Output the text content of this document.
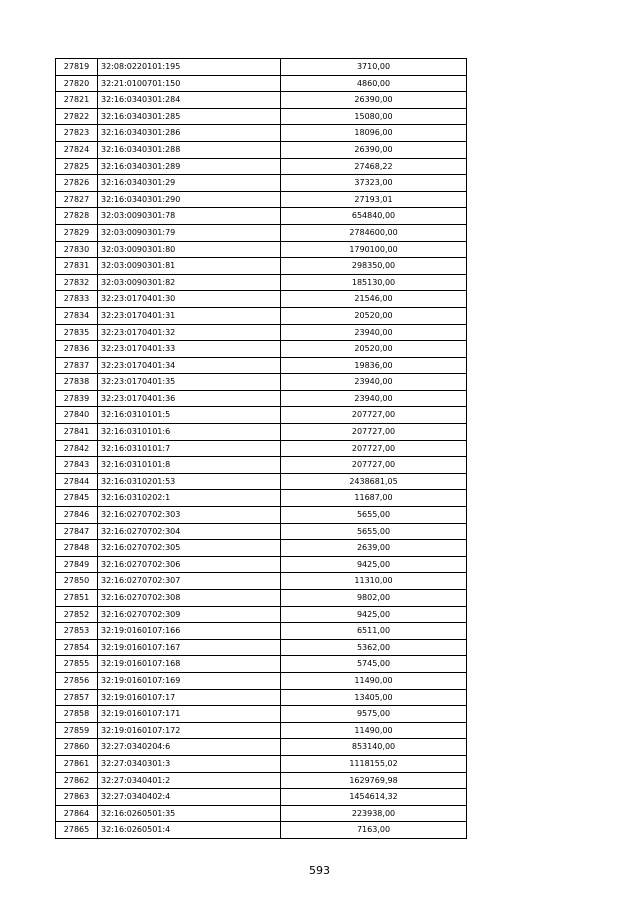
27819	32:08:0220101:195	3710,00
27820	32:21:0100701:150	4860,00
27821	32:16:0340301:284	26390,00
27822	32:16:0340301:285	15080,00
27823	32:16:0340301:286	18096,00
27824	32:16:0340301:288	26390,00
27825	32:16:0340301:289	27468,22
27826	32:16:0340301:29	37323,00
27827	32:16:0340301:290	27193,01
27828	32:03:0090301:78	654840,00
27829	32:03:0090301:79	2784600,00
27830	32:03:0090301:80	1790100,00
27831	32:03:0090301:81	298350,00
27832	32:03:0090301:82	185130,00
27833	32:23:0170401:30	21546,00
27834	32:23:0170401:31	20520,00
27835	32:23:0170401:32	23940,00
27836	32:23:0170401:33	20520,00
27837	32:23:0170401:34	19836,00
27838	32:23:0170401:35	23940,00
27839	32:23:0170401:36	23940,00
27840	32:16:0310101:5	207727,00
27841	32:16:0310101:6	207727,00
27842	32:16:0310101:7	207727,00
27843	32:16:0310101:8	207727,00
27844	32:16:0310201:53	2438681,05
27845	32:16:0310202:1	11687,00
27846	32:16:0270702:303	5655,00
27847	32:16:0270702:304	5655,00
27848	32:16:0270702:305	2639,00
27849	32:16:0270702:306	9425,00
27850	32:16:0270702:307	11310,00
27851	32:16:0270702:308	9802,00
27852	32:16:0270702:309	9425,00
27853	32:19:0160107:166	6511,00
27854	32:19:0160107:167	5362,00
27855	32:19:0160107:168	5745,00
27856	32:19:0160107:169	11490,00
27857	32:19:0160107:17	13405,00
27858	32:19:0160107:171	9575,00
27859	32:19:0160107:172	11490,00
27860	32:27:0340204:6	853140,00
27861	32:27:0340301:3	1118155,02
27862	32:27:0340401:2	1629769,98
27863	32:27:0340402:4	1454614,32
27864	32:16:0260501:35	223938,00
27865	32:16:0260501:4	7163,00
593
